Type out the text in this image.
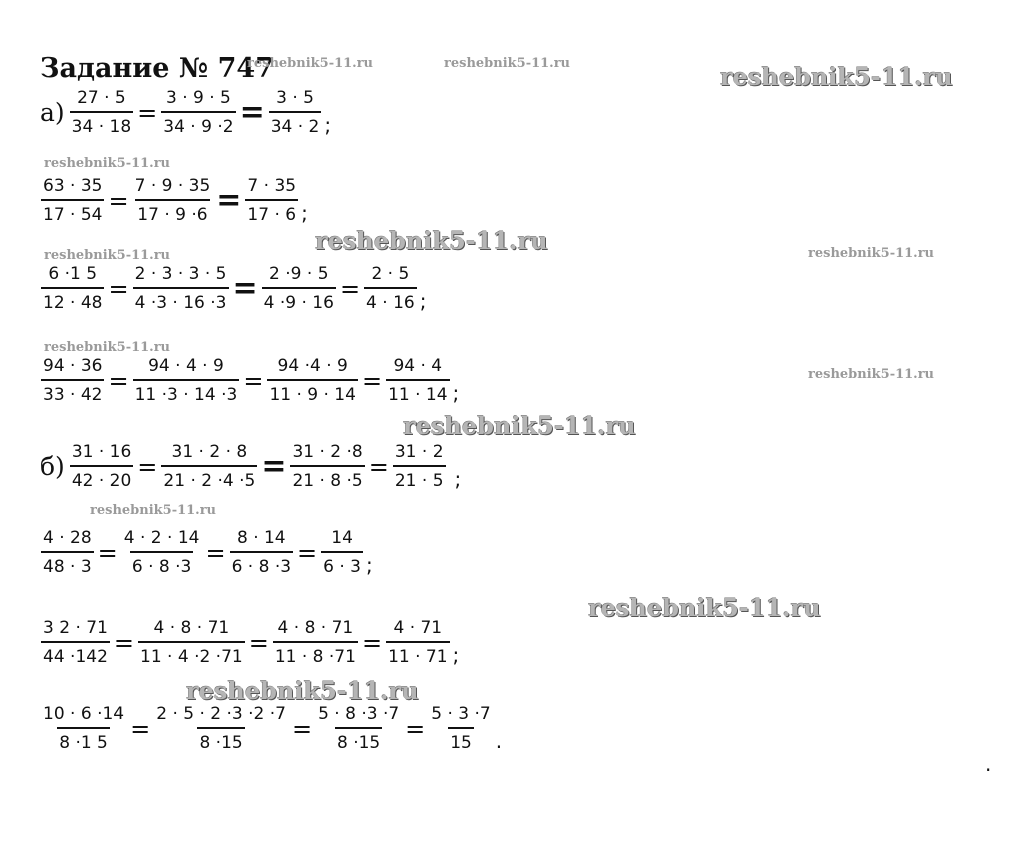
Задание № 747
reshebnik5-11.ru	reshebnik5-11.ru	reshebnik5-11.ru
reshebnik5-11.ru
reshebnik5-11.ru
reshebnik5-11.ru	reshebnik5-11.ru
reshebnik5-11.ru
reshebnik5-11.ru
reshebnik5-11.ru
reshebnik5-11.ru
reshebnik5-11.ru
reshebnik5-11.ru
$а) \frac{27 \cdot 5}{34 \cdot 18} = \frac{3 \cdot 9 \cdot 5}{34 \cdot 9 \cdot 2} = \frac{3 \cdot 5}{34 \cdot 2}$ ;
$\frac{63 \cdot 35}{17 \cdot 54} = \frac{7 \cdot 9 \cdot 35}{17 \cdot 9 \cdot 6} = \frac{7 \cdot 35}{17 \cdot 6}$ ;
$\frac{6 \cdot 1 5}{12 \cdot 48} = \frac{2 \cdot 3 \cdot 3 \cdot 5}{4 \cdot 3 \cdot 16 \cdot 3} = \frac{2 \cdot 9 \cdot 5}{4 \cdot 9 \cdot 16} = \frac{2 \cdot 5}{4 \cdot 16}$ ;
$\frac{94 \cdot 36}{33 \cdot 42} = \frac{94 \cdot 4 \cdot 9}{11 \cdot 3 \cdot 14 \cdot 3} = \frac{94 \cdot 4 \cdot 9}{11 \cdot 9 \cdot 14} = \frac{94 \cdot 4}{11 \cdot 14}$ ;
$б) \frac{31 \cdot 16}{42 \cdot 20} = \frac{31 \cdot 2 \cdot 8}{21 \cdot 2 \cdot 4 \cdot 5} = \frac{31 \cdot 2 \cdot 8}{21 \cdot 8 \cdot 5} = \frac{31 \cdot 2}{21 \cdot 5}$ ;
$\frac{4 \cdot 28}{48 \cdot 3} = \frac{4 \cdot 2 \cdot 14}{6 \cdot 8 \cdot 3} = \frac{8 \cdot 14}{6 \cdot 8 \cdot 3} = \frac{14}{6 \cdot 3}$ ;
$\frac{3 2 \cdot 71}{44 \cdot 142} = \frac{4 \cdot 8 \cdot 71}{11 \cdot 4 \cdot 2 \cdot 71} = \frac{4 \cdot 8 \cdot 71}{11 \cdot 8 \cdot 71} = \frac{4 \cdot 71}{11 \cdot 71}$ ;
$\frac{10 \cdot 6 \cdot 14}{8 \cdot 1 5} = \frac{2 \cdot 5 \cdot 2 \cdot 3 \cdot 2 \cdot 7}{8 \cdot 15} = \frac{5 \cdot 8 \cdot 3 \cdot 7}{8 \cdot 15} = \frac{5 \cdot 3 \cdot 7}{15}$ .
.
